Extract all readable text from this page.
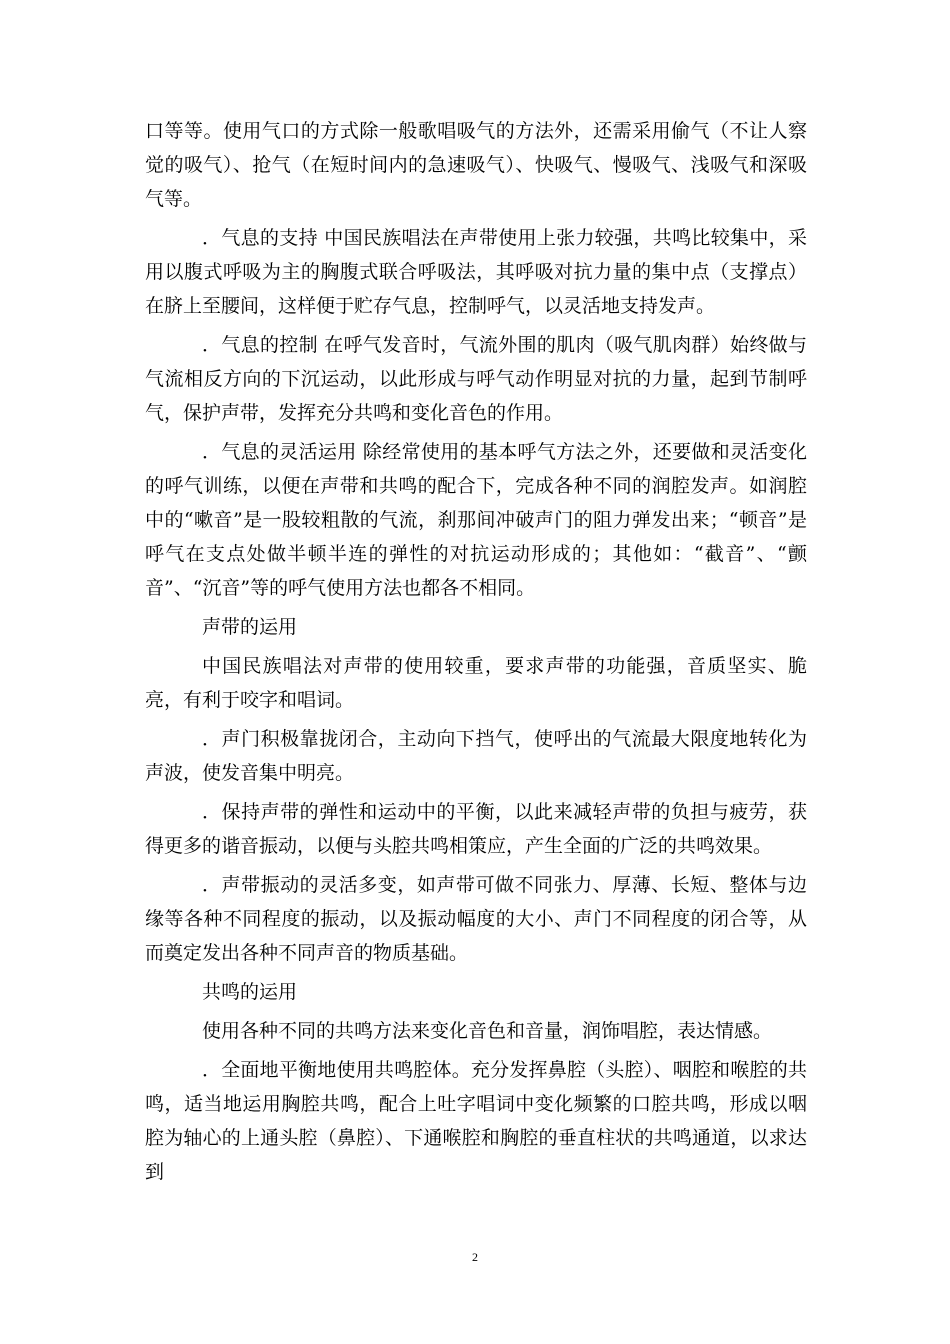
口等等。使用气口的方式除一般歌唱吸气的方法外，还需采用偷气（不让人察觉的吸气）、抢气（在短时间内的急速吸气）、快吸气、慢吸气、浅吸气和深吸气等。

．气息的支持 中国民族唱法在声带使用上张力较强，共鸣比较集中，采用以腹式呼吸为主的胸腹式联合呼吸法，其呼吸对抗力量的集中点（支撑点）在脐上至腰间，这样便于贮存气息，控制呼气，以灵活地支持发声。

．气息的控制 在呼气发音时，气流外围的肌肉（吸气肌肉群）始终做与气流相反方向的下沉运动，以此形成与呼气动作明显对抗的力量，起到节制呼气，保护声带，发挥充分共鸣和变化音色的作用。

．气息的灵活运用 除经常使用的基本呼气方法之外，还要做和灵活变化的呼气训练，以便在声带和共鸣的配合下，完成各种不同的润腔发声。如润腔中的“嗽音”是一股较粗散的气流，刹那间冲破声门的阻力弹发出来；“顿音”是呼气在支点处做半顿半连的弹性的对抗运动形成的；其他如：“截音”、“颤音”、“沉音”等的呼气使用方法也都各不相同。

声带的运用

中国民族唱法对声带的使用较重，要求声带的功能强，音质坚实、脆亮，有利于咬字和唱词。

．声门积极靠拢闭合，主动向下挡气，使呼出的气流最大限度地转化为声波，使发音集中明亮。

．保持声带的弹性和运动中的平衡，以此来减轻声带的负担与疲劳，获得更多的谐音振动，以便与头腔共鸣相策应，产生全面的广泛的共鸣效果。

．声带振动的灵活多变，如声带可做不同张力、厚薄、长短、整体与边缘等各种不同程度的振动，以及振动幅度的大小、声门不同程度的闭合等，从而奠定发出各种不同声音的物质基础。

共鸣的运用

使用各种不同的共鸣方法来变化音色和音量，润饰唱腔，表达情感。

．全面地平衡地使用共鸣腔体。充分发挥鼻腔（头腔）、咽腔和喉腔的共鸣，适当地运用胸腔共鸣，配合上吐字唱词中变化频繁的口腔共鸣，形成以咽腔为轴心的上通头腔（鼻腔）、下通喉腔和胸腔的垂直柱状的共鸣通道，以求达到

2
